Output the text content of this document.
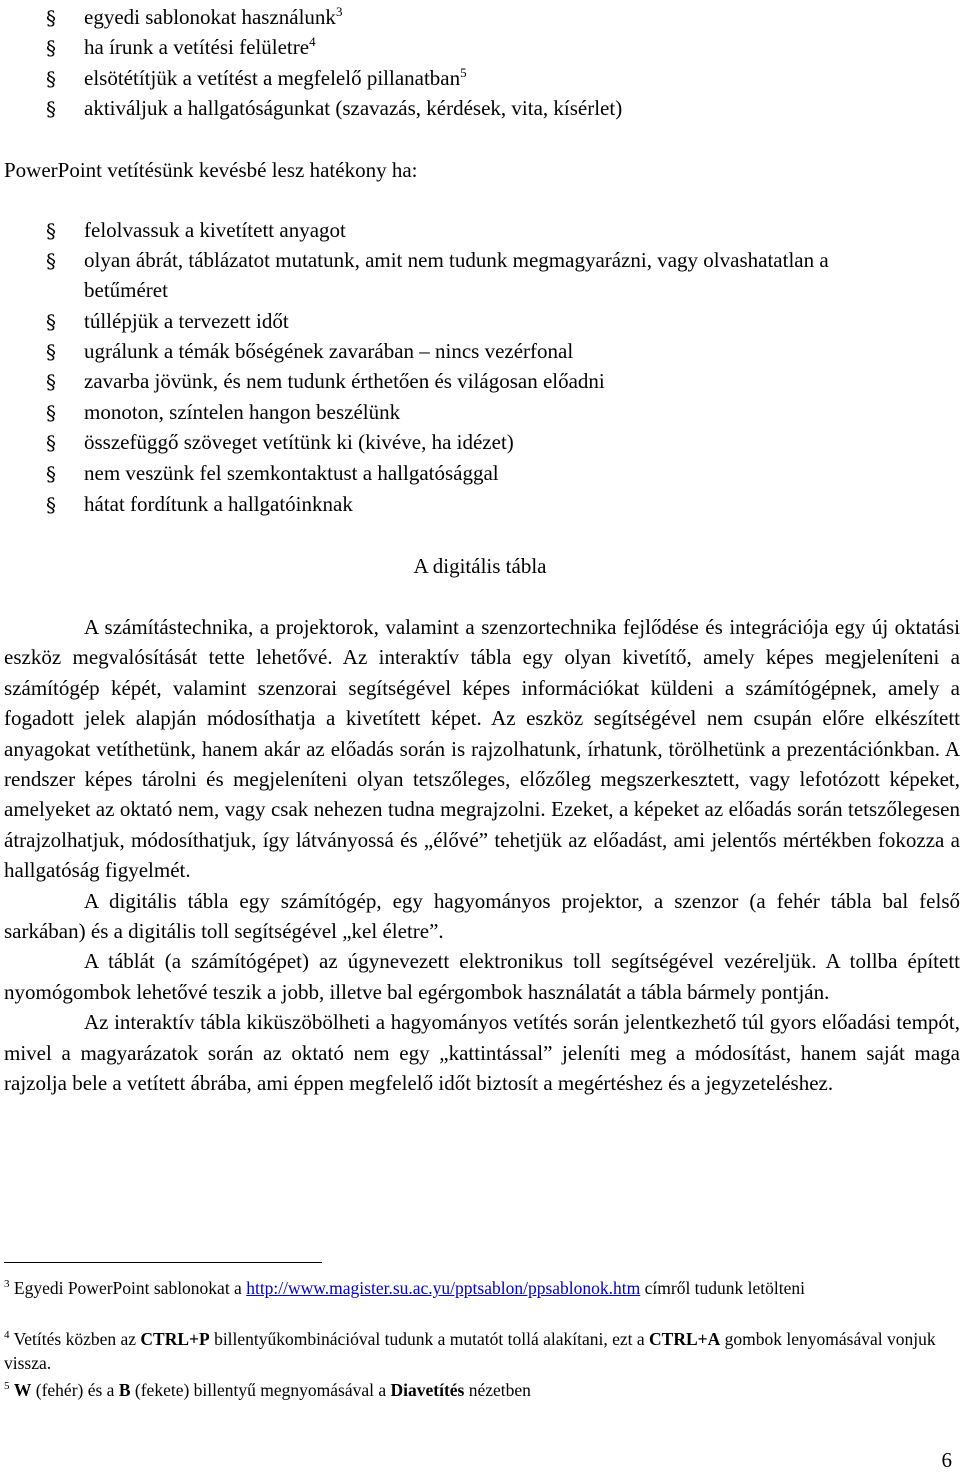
§ egyedi sablonokat használunk$^3$
§ ha írunk a vetítési felületre$^4$
§ elsötétítjük a vetítést a megfelelő pillanatban$^5$
§ aktiváljuk a hallgatóságunkat (szavazás, kérdések, vita, kísérlet)
PowerPoint vetítésünk kevésbé lesz hatékony ha:
§ felolvassuk a kivetített anyagot
§ olyan ábrát, táblázatot mutatunk, amit nem tudunk megmagyarázni, vagy olvashatatlan a betűméret
§ túllépjük a tervezett időt
§ ugrálunk a témák bőségének zavarában – nincs vezérfonal
§ zavarba jövünk, és nem tudunk érthetően és világosan előadni
§ monoton, színtelen hangon beszélünk
§ összefüggő szöveget vetítünk ki (kivéve, ha idézet)
§ nem veszünk fel szemkontaktust a hallgatósággal
§ hátat fordítunk a hallgatóinknak
A digitális tábla

A számítástechnika, a projektorok, valamint a szenzortechnika fejlődése és integrációja egy új oktatási eszköz megvalósítását tette lehetővé. Az interaktív tábla egy olyan kivetítő, amely képes megjeleníteni a számítógép képét, valamint szenzorai segítségével képes információkat küldeni a számítógépnek, amely a fogadott jelek alapján módosíthatja a kivetített képet. Az eszköz segítségével nem csupán előre elkészített anyagokat vetíthetünk, hanem akár az előadás során is rajzolhatunk, írhatunk, törölhetünk a prezentációnkban. A rendszer képes tárolni és megjeleníteni olyan tetszőleges, előzőleg megszerkesztett, vagy lefotózott képeket, amelyeket az oktató nem, vagy csak nehezen tudna megrajzolni. Ezeket, a képeket az előadás során tetszőlegesen átrajzolhatjuk, módosíthatjuk, így látványossá és „élővé” tehetjük az előadást, ami jelentős mértékben fokozza a hallgatóság figyelmét.

A digitális tábla egy számítógép, egy hagyományos projektor, a szenzor (a fehér tábla bal felső sarkában) és a digitális toll segítségével „kel életre”.

A táblát (a számítógépet) az úgynevezett elektronikus toll segítségével vezéreljük. A tollba épített nyomógombok lehetővé teszik a jobb, illetve bal egérgombok használatát a tábla bármely pontján.

Az interaktív tábla kiküszöbölheti a hagyományos vetítés során jelentkezhető túl gyors előadási tempót, mivel a magyarázatok során az oktató nem egy „kattintással” jeleníti meg a módosítást, hanem saját maga rajzolja bele a vetített ábrába, ami éppen megfelelő időt biztosít a megértéshez és a jegyzeteléshez.

$^3$ Egyedi PowerPoint sablonokat a http://www.magister.su.ac.yu/pptsablon/ppsablonok.htm címről tudunk letölteni
$^4$ Vetítés közben az CTRL+P billentyűkombinációval tudunk a mutatót tollá alakítani, ezt a CTRL+A gombok lenyomásával vonjuk vissza.
$^5$ W (fehér) és a B (fekete) billentyű megnyomásával a Diavetítés nézetben
6
